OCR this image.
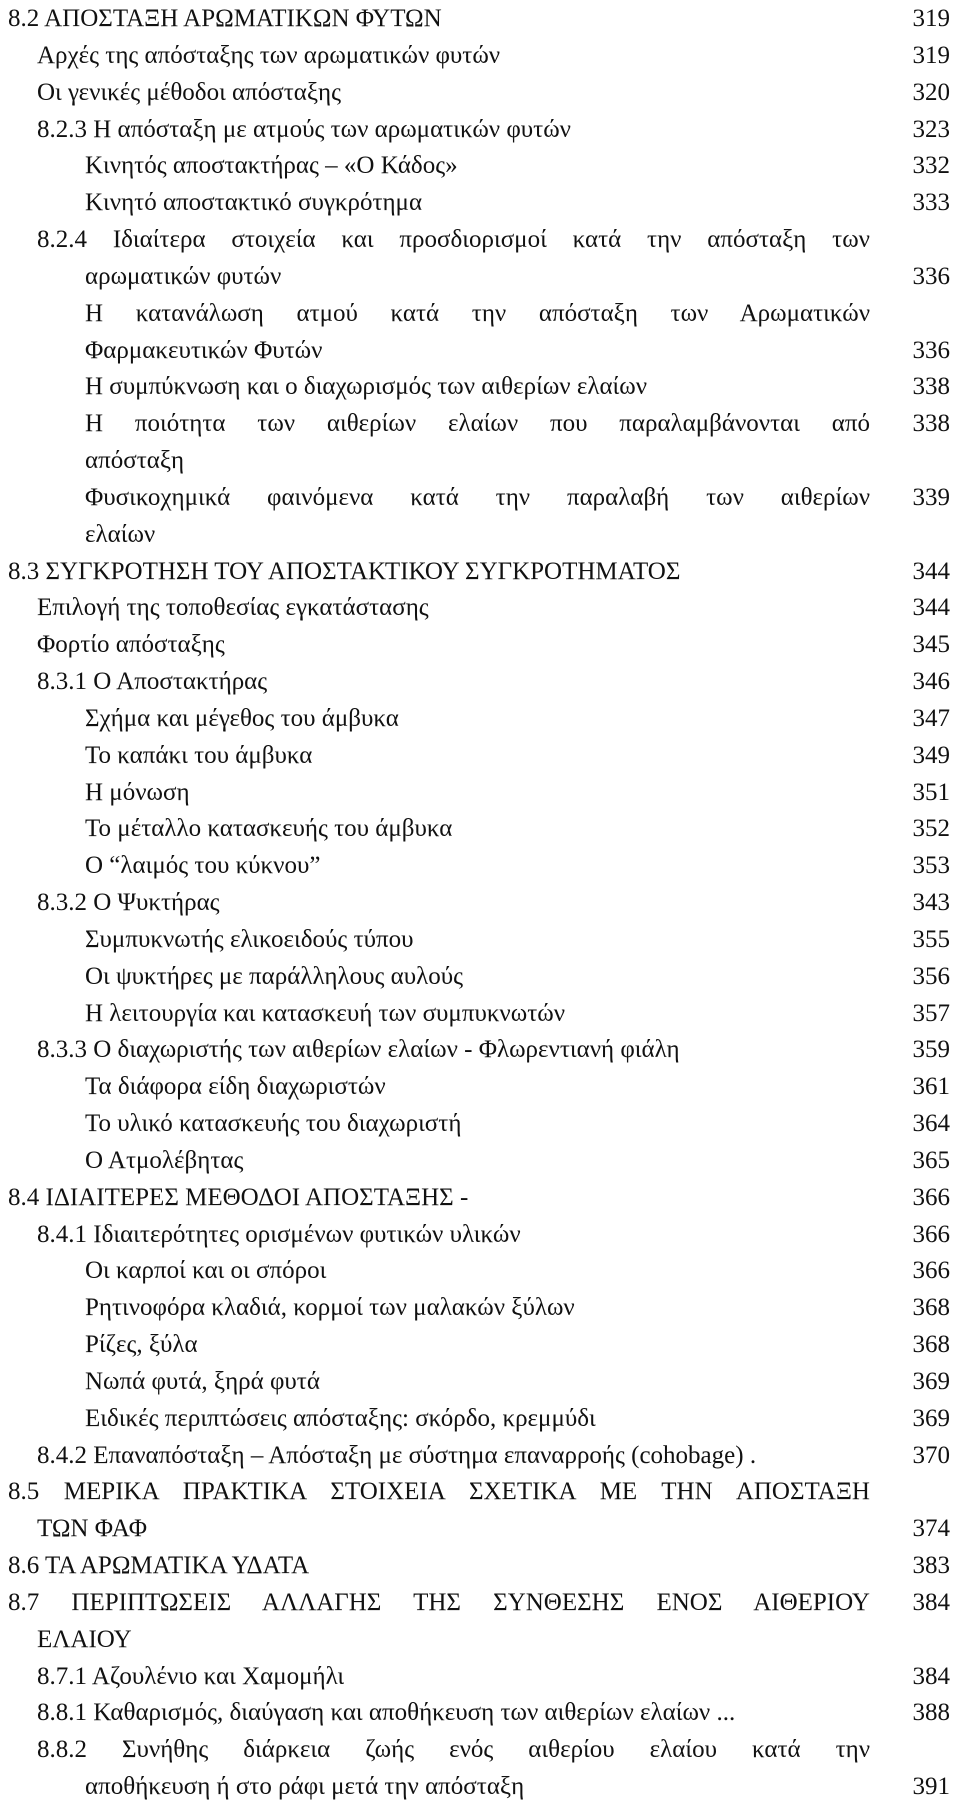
8.2 ΑΠΟΣΤΑΞΗ ΑΡΩΜΑΤΙΚΩΝ ΦΥΤΩΝ	319
Αρχές της απόσταξης των αρωματικών φυτών	319
Οι γενικές μέθοδοι απόσταξης	320
8.2.3 Η απόσταξη με ατμούς των αρωματικών φυτών	323
Κινητός αποστακτήρας – «Ο Κάδος»	332
Κινητό αποστακτικό συγκρότημα	333
8.2.4 Ιδιαίτερα στοιχεία και προσδιορισμοί κατά την απόσταξη των
αρωματικών φυτών	336
Η κατανάλωση ατμού κατά την απόσταξη των Αρωματικών
Φαρμακευτικών Φυτών	336
Η συμπύκνωση και ο διαχωρισμός των αιθερίων ελαίων	338
Η ποιότητα των αιθερίων ελαίων που παραλαμβάνονται από	338
απόσταξη
Φυσικοχημικά φαινόμενα κατά την παραλαβή των αιθερίων	339
ελαίων
8.3 ΣΥΓΚΡΟΤΗΣΗ ΤΟΥ ΑΠΟΣΤΑΚΤΙΚΟΥ ΣΥΓΚΡΟΤΗΜΑΤΟΣ	344
Επιλογή της τοποθεσίας εγκατάστασης	344
Φορτίο απόσταξης	345
8.3.1 Ο Αποστακτήρας	346
Σχήμα και μέγεθος του άμβυκα	347
Το καπάκι του άμβυκα	349
Η μόνωση	351
Το μέταλλο κατασκευής του άμβυκα	352
Ο “λαιμός του κύκνου”	353
8.3.2 Ο Ψυκτήρας	343
Συμπυκνωτής ελικοειδούς τύπου	355
Οι ψυκτήρες με παράλληλους αυλούς	356
Η λειτουργία και κατασκευή των συμπυκνωτών	357
8.3.3 Ο διαχωριστής των αιθερίων ελαίων - Φλωρεντιανή φιάλη	359
Τα διάφορα είδη διαχωριστών	361
Το υλικό κατασκευής του διαχωριστή	364
Ο Ατμολέβητας	365
8.4 ΙΔΙΑΙΤΕΡΕΣ ΜΕΘΟΔΟΙ ΑΠΟΣΤΑΞΗΣ -	366
8.4.1 Ιδιαιτερότητες ορισμένων φυτικών υλικών	366
Οι καρποί και οι σπόροι	366
Ρητινοφόρα κλαδιά, κορμοί των μαλακών ξύλων	368
Ρίζες, ξύλα	368
Νωπά φυτά, ξηρά φυτά	369
Ειδικές περιπτώσεις απόσταξης: σκόρδο, κρεμμύδι	369
8.4.2 Επαναπόσταξη – Απόσταξη με σύστημα επαναρροής (cohobage) .	370
8.5 ΜΕΡΙΚΑ ΠΡΑΚΤΙΚΑ ΣΤΟΙΧΕΙΑ ΣΧΕΤΙΚΑ ΜΕ ΤΗΝ ΑΠΟΣΤΑΞΗ
ΤΩΝ ΦΑΦ	374
8.6 ΤΑ ΑΡΩΜΑΤΙΚΑ ΥΔΑΤΑ	383
8.7 ΠΕΡΙΠΤΩΣΕΙΣ ΑΛΛΑΓΗΣ ΤΗΣ ΣΥΝΘΕΣΗΣ ΕΝΟΣ ΑΙΘΕΡΙΟΥ	384
ΕΛΑΙΟΥ
8.7.1 Αζουλένιο και Χαμομήλι	384
8.8.1 Καθαρισμός, διαύγαση και αποθήκευση των αιθερίων ελαίων ...	388
8.8.2 Συνήθης διάρκεια ζωής ενός αιθερίου ελαίου κατά την
αποθήκευση ή στο ράφι μετά την απόσταξη	391
